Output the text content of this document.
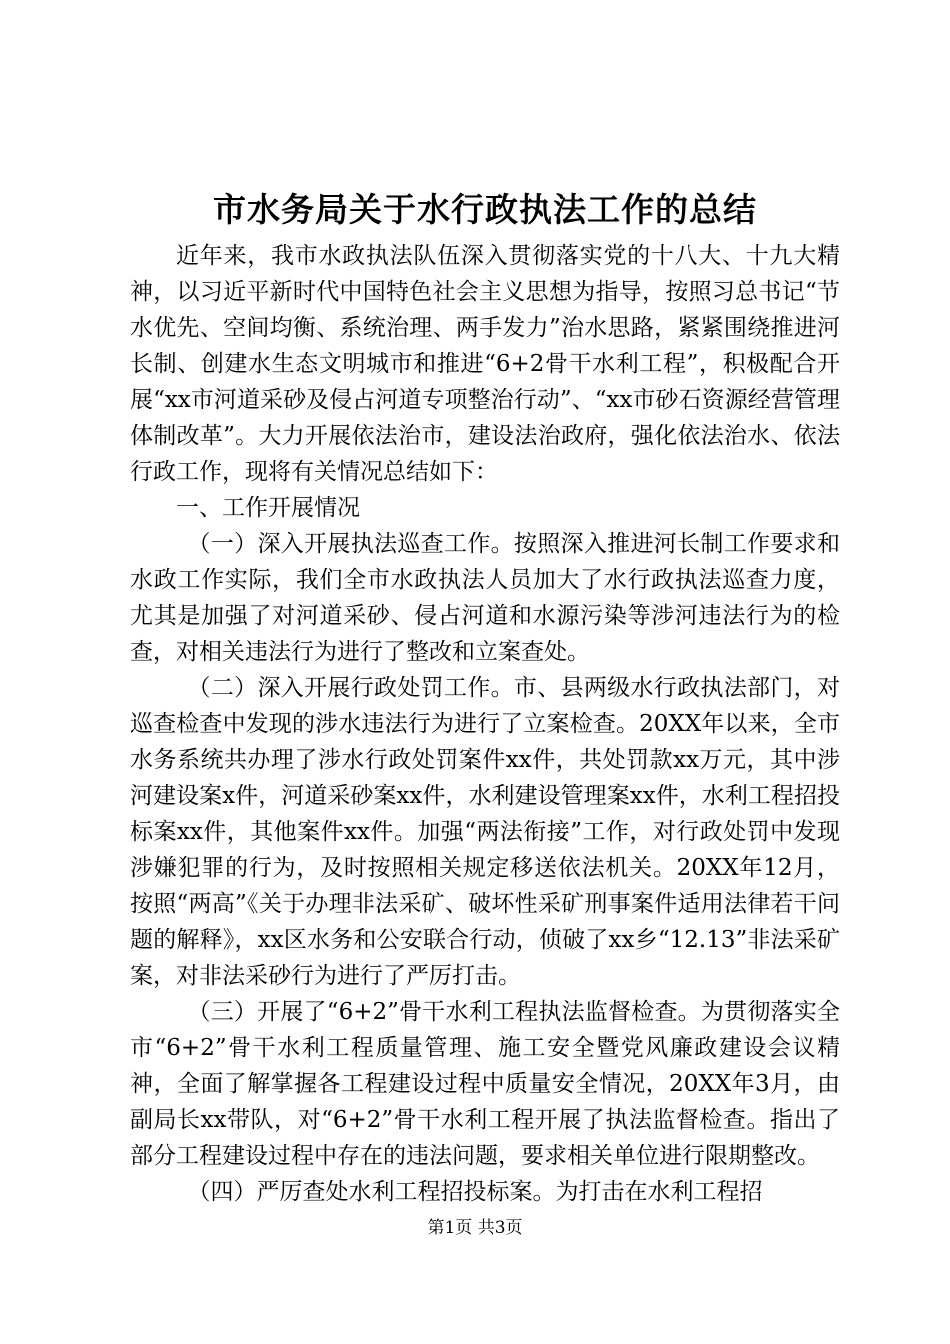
市水务局关于水行政执法工作的总结

近年来，我市水政执法队伍深入贯彻落实党的十八大、十九大精神，以习近平新时代中国特色社会主义思想为指导，按照习总书记“节水优先、空间均衡、系统治理、两手发力”治水思路，紧紧围绕推进河长制、创建水生态文明城市和推进“6+2骨干水利工程”，积极配合开展“xx市河道采砂及侵占河道专项整治行动”、“xx市砂石资源经营管理体制改革”。大力开展依法治市，建设法治政府，强化依法治水、依法行政工作，现将有关情况总结如下：

一、工作开展情况

（一）深入开展执法巡查工作。按照深入推进河长制工作要求和水政工作实际，我们全市水政执法人员加大了水行政执法巡查力度，尤其是加强了对河道采砂、侵占河道和水源污染等涉河违法行为的检查，对相关违法行为进行了整改和立案查处。

（二）深入开展行政处罚工作。市、县两级水行政执法部门，对巡查检查中发现的涉水违法行为进行了立案检查。20XX年以来，全市水务系统共办理了涉水行政处罚案件xx件，共处罚款xx万元，其中涉河建设案x件，河道采砂案xx件，水利建设管理案xx件，水利工程招投标案xx件，其他案件xx件。加强“两法衔接”工作，对行政处罚中发现涉嫌犯罪的行为，及时按照相关规定移送依法机关。20XX年12月，按照“两高”《关于办理非法采矿、破坏性采矿刑事案件适用法律若干问题的解释》，xx区水务和公安联合行动，侦破了xx乡“12.13”非法采矿案，对非法采砂行为进行了严厉打击。

（三）开展了“6+2”骨干水利工程执法监督检查。为贯彻落实全市“6+2”骨干水利工程质量管理、施工安全暨党风廉政建设会议精神，全面了解掌握各工程建设过程中质量安全情况，20XX年3月，由副局长xx带队，对“6+2”骨干水利工程开展了执法监督检查。指出了部分工程建设过程中存在的违法问题，要求相关单位进行限期整改。

（四）严厉查处水利工程招投标案。为打击在水利工程招

第1页 共3页
